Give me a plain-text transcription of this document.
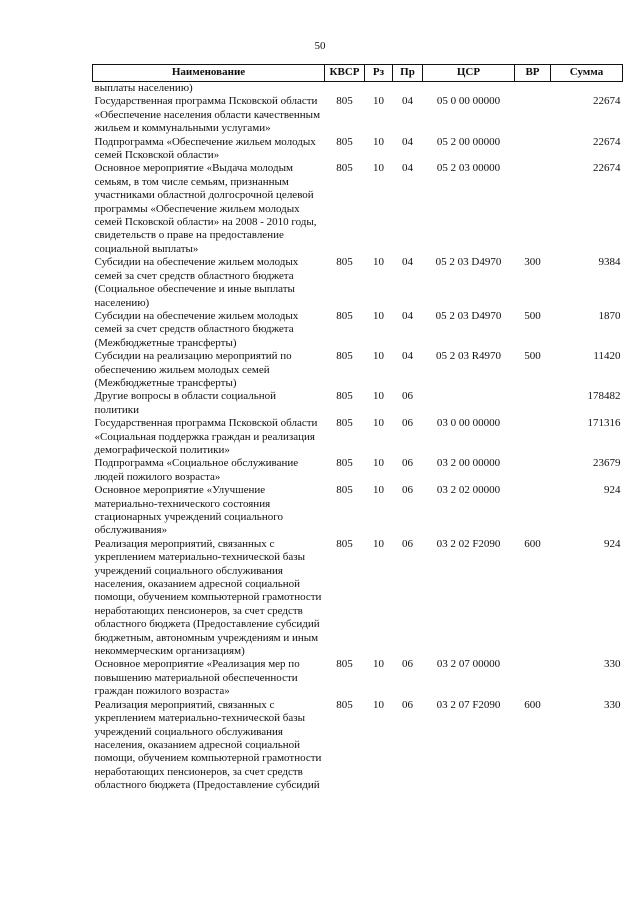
50
Наименование	КВСР	Рз	Пр	ЦСР	ВР	Сумма
выплаты населению)						
Государственная программа Псковской области «Обеспечение населения области качественным жильем и коммунальными услугами»	805	10	04	05 0 00 00000		22674
Подпрограмма «Обеспечение жильем молодых семей Псковской области»	805	10	04	05 2 00 00000		22674
Основное мероприятие «Выдача молодым семьям, в том числе семьям, признанным участниками областной долгосрочной целевой программы «Обеспечение жильем молодых семей Псковской области» на 2008 - 2010 годы, свидетельств о праве на предоставление социальной выплаты»	805	10	04	05 2 03 00000		22674
Субсидии на обеспечение жильем молодых семей за счет средств областного бюджета (Социальное обеспечение и иные выплаты населению)	805	10	04	05 2 03 D4970	300	9384
Субсидии на обеспечение жильем молодых семей за счет средств областного бюджета (Межбюджетные трансферты)	805	10	04	05 2 03 D4970	500	1870
Субсидии на реализацию мероприятий по обеспечению жильем молодых семей (Межбюджетные трансферты)	805	10	04	05 2 03 R4970	500	11420
Другие вопросы в области социальной политики	805	10	06			178482
Государственная программа Псковской области «Социальная поддержка граждан и реализация демографической политики»	805	10	06	03 0 00 00000		171316
Подпрограмма «Социальное обслуживание людей пожилого возраста»	805	10	06	03 2 00 00000		23679
Основное мероприятие «Улучшение материально-технического состояния стационарных учреждений социального обслуживания»	805	10	06	03 2 02 00000		924
Реализация мероприятий, связанных с укреплением материально-технической базы учреждений социального обслуживания населения, оказанием адресной социальной помощи, обучением компьютерной грамотности неработающих пенсионеров, за счет средств областного бюджета (Предоставление субсидий бюджетным, автономным учреждениям и иным некоммерческим организациям)	805	10	06	03 2 02 F2090	600	924
Основное мероприятие «Реализация мер по повышению материальной обеспеченности граждан пожилого возраста»	805	10	06	03 2 07 00000		330
Реализация мероприятий, связанных с укреплением материально-технической базы учреждений социального обслуживания населения, оказанием адресной социальной помощи, обучением компьютерной грамотности неработающих пенсионеров, за счет средств областного бюджета (Предоставление субсидий	805	10	06	03 2 07 F2090	600	330
